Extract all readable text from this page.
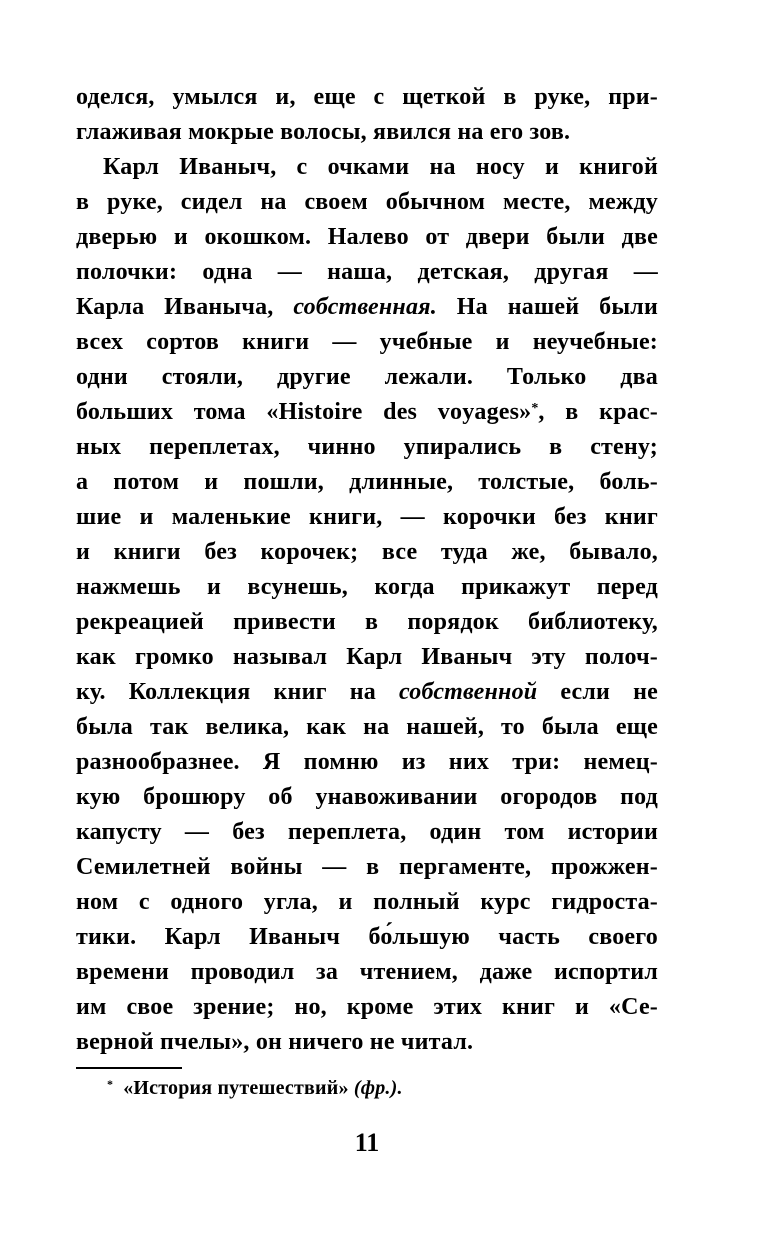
оделся, умылся и, еще с щеткой в руке, при-
глаживая мокрые волосы, явился на его зов.
Карл Иваныч, с очками на носу и книгой
в руке, сидел на своем обычном месте, между
дверью и окошком. Налево от двери были две
полочки: одна — наша, детская, другая —
Карла Иваныча, собственная. На нашей были
всех сортов книги — учебные и неучебные:
одни стояли, другие лежали. Только два
больших тома «Histoire des voyages»*, в крас-
ных переплетах, чинно упирались в стену;
а потом и пошли, длинные, толстые, боль-
шие и маленькие книги, — корочки без книг
и книги без корочек; все туда же, бывало,
нажмешь и всунешь, когда прикажут перед
рекреацией привести в порядок библиотеку,
как громко называл Карл Иваныч эту полоч-
ку. Коллекция книг на собственной если не
была так велика, как на нашей, то была еще
разнообразнее. Я помню из них три: немец-
кую брошюру об унавоживании огородов под
капусту — без переплета, один том истории
Семилетней войны — в пергаменте, прожжен-
ном с одного угла, и полный курс гидроста-
тики. Карл Иваныч бо́льшую часть своего
времени проводил за чтением, даже испортил
им свое зрение; но, кроме этих книг и «Се-
верной пчелы», он ничего не читал.
* «История путешествий» (фр.).
11
